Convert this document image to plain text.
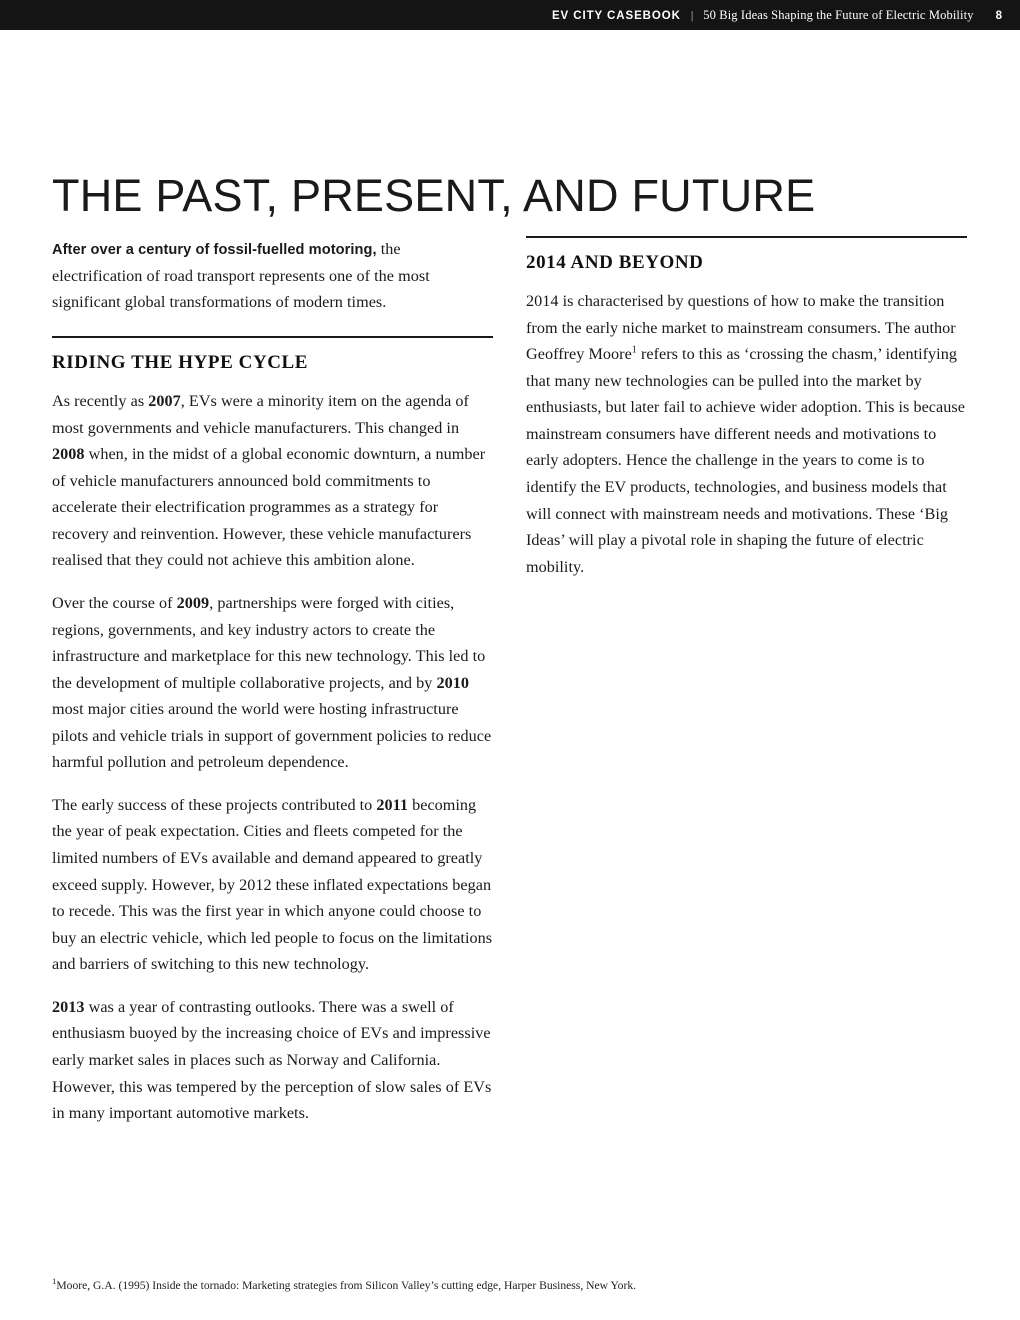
EV CITY CASEBOOK | 50 Big Ideas Shaping the Future of Electric Mobility 8
THE PAST, PRESENT, AND FUTURE

After over a century of fossil-fuelled motoring, the electrification of road transport represents one of the most significant global transformations of modern times.

RIDING THE HYPE CYCLE

As recently as 2007, EVs were a minority item on the agenda of most governments and vehicle manufacturers. This changed in 2008 when, in the midst of a global economic downturn, a number of vehicle manufacturers announced bold commitments to accelerate their electrification programmes as a strategy for recovery and reinvention. However, these vehicle manufacturers realised that they could not achieve this ambition alone.

Over the course of 2009, partnerships were forged with cities, regions, governments, and key industry actors to create the infrastructure and marketplace for this new technology. This led to the development of multiple collaborative projects, and by 2010 most major cities around the world were hosting infrastructure pilots and vehicle trials in support of government policies to reduce harmful pollution and petroleum dependence.

The early success of these projects contributed to 2011 becoming the year of peak expectation. Cities and fleets competed for the limited numbers of EVs available and demand appeared to greatly exceed supply. However, by 2012 these inflated expectations began to recede. This was the first year in which anyone could choose to buy an electric vehicle, which led people to focus on the limitations and barriers of switching to this new technology.

2013 was a year of contrasting outlooks. There was a swell of enthusiasm buoyed by the increasing choice of EVs and impressive early market sales in places such as Norway and California. However, this was tempered by the perception of slow sales of EVs in many important automotive markets.

2014 AND BEYOND

2014 is characterised by questions of how to make the transition from the early niche market to mainstream consumers. The author Geoffrey Moore$^1$ refers to this as ‘crossing the chasm,’ identifying that many new technologies can be pulled into the market by enthusiasts, but later fail to achieve wider adoption. This is because mainstream consumers have different needs and motivations to early adopters. Hence the challenge in the years to come is to identify the EV products, technologies, and business models that will connect with mainstream needs and motivations. These ‘Big Ideas’ will play a pivotal role in shaping the future of electric mobility.

$^1$Moore, G.A. (1995) Inside the tornado: Marketing strategies from Silicon Valley’s cutting edge, Harper Business, New York.
